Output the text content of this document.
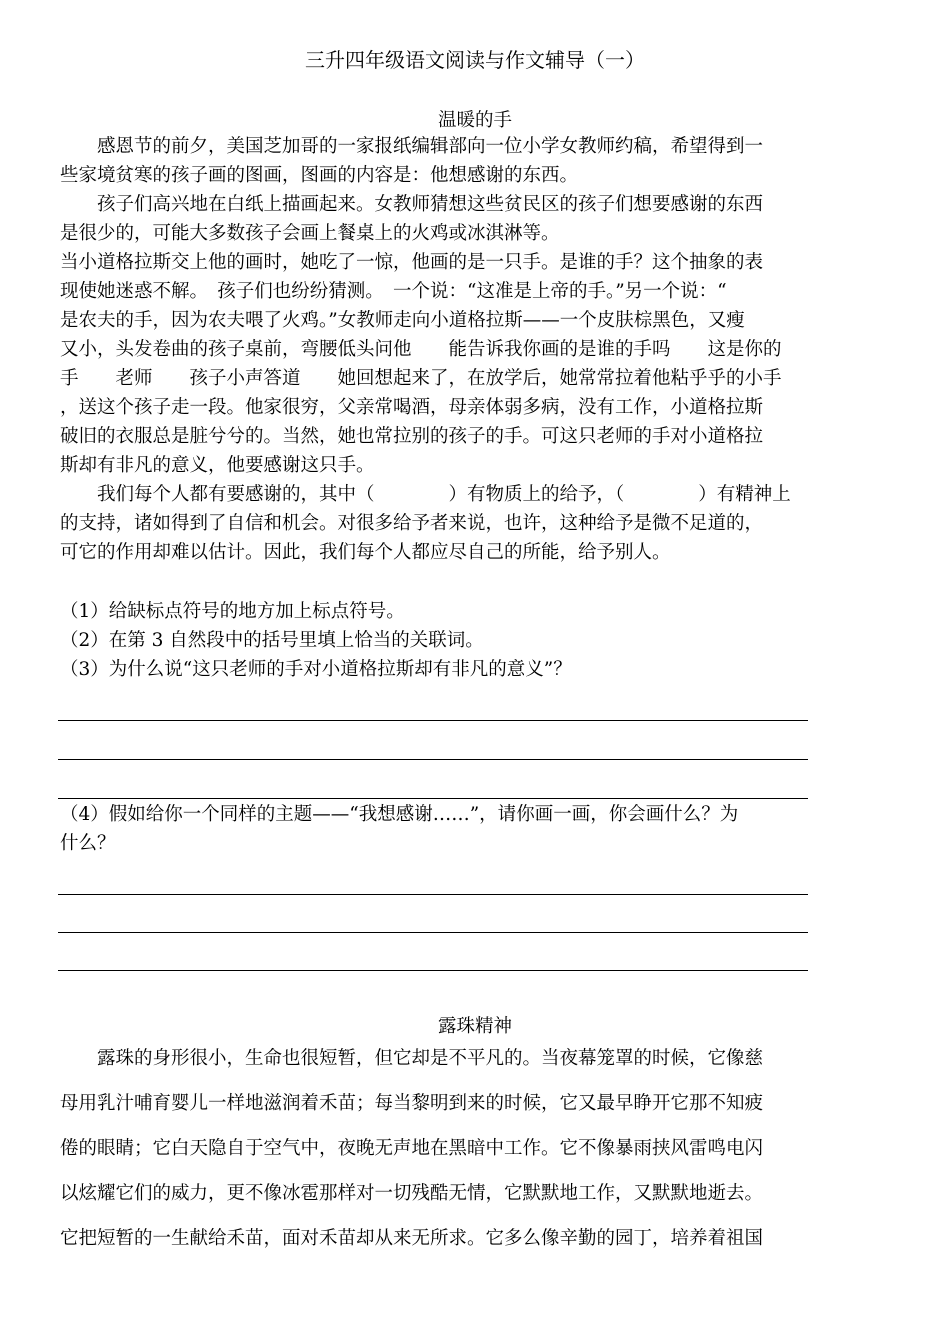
三升四年级语文阅读与作文辅导（一）
温暖的手
　　感恩节的前夕，美国芝加哥的一家报纸编辑部向一位小学女教师约稿，希望得到一
些家境贫寒的孩子画的图画，图画的内容是：他想感谢的东西。
　　孩子们高兴地在白纸上描画起来。女教师猜想这些贫民区的孩子们想要感谢的东西
是很少的，可能大多数孩子会画上餐桌上的火鸡或冰淇淋等。
当小道格拉斯交上他的画时，她吃了一惊，他画的是一只手。是谁的手？这个抽象的表
现使她迷惑不解。　孩子们也纷纷猜测。　一个说：“这准是上帝的手。”另一个说：“
是农夫的手，因为农夫喂了火鸡。”女教师走向小道格拉斯——一个皮肤棕黑色，又瘦
又小，头发卷曲的孩子桌前，弯腰低头问他　　能告诉我你画的是谁的手吗　　这是你的
手　　老师　　孩子小声答道　　她回想起来了，在放学后，她常常拉着他粘乎乎的小手
，送这个孩子走一段。他家很穷，父亲常喝酒，母亲体弱多病，没有工作，小道格拉斯
破旧的衣服总是脏兮兮的。当然，她也常拉别的孩子的手。可这只老师的手对小道格拉
斯却有非凡的意义，他要感谢这只手。
　　我们每个人都有要感谢的，其中（　　　　）有物质上的给予，（　　　　）有精神上
的支持，诸如得到了自信和机会。对很多给予者来说，也许，这种给予是微不足道的，
可它的作用却难以估计。因此，我们每个人都应尽自己的所能，给予别人。
（1）给缺标点符号的地方加上标点符号。
（2）在第 3 自然段中的括号里填上恰当的关联词。
（3）为什么说“这只老师的手对小道格拉斯却有非凡的意义”？
（4）假如给你一个同样的主题——“我想感谢……”，请你画一画，你会画什么？为
什么？
露珠精神
　　露珠的身形很小，生命也很短暂，但它却是不平凡的。当夜幕笼罩的时候，它像慈
母用乳汁哺育婴儿一样地滋润着禾苗；每当黎明到来的时候，它又最早睁开它那不知疲
倦的眼睛；它白天隐自于空气中，夜晚无声地在黑暗中工作。它不像暴雨挟风雷鸣电闪
以炫耀它们的威力，更不像冰雹那样对一切残酷无情，它默默地工作，又默默地逝去。
它把短暂的一生献给禾苗，面对禾苗却从来无所求。它多么像辛勤的园丁，培养着祖国
